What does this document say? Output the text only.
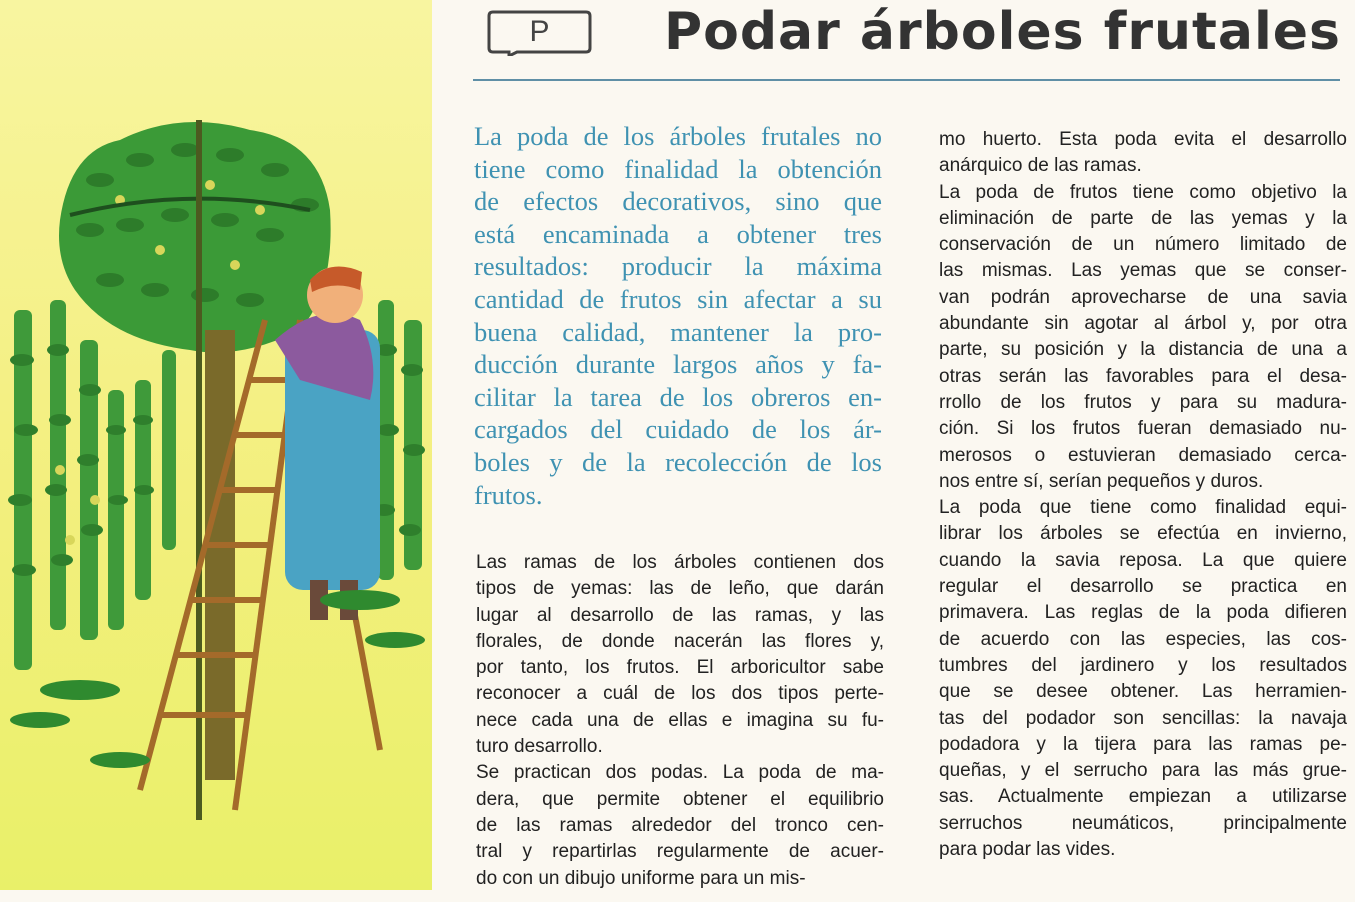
P	Podar árboles frutales
La poda de los árboles frutales no
tiene como finalidad la obtención
de efectos decorativos, sino que
está encaminada a obtener tres
resultados: producir la máxima
cantidad de frutos sin afectar a su
buena calidad, mantener la pro-
ducción durante largos años y fa-
cilitar la tarea de los obreros en-
cargados del cuidado de los ár-
boles y de la recolección de los
frutos.
Las ramas de los árboles contienen dos
tipos de yemas: las de leño, que darán
lugar al desarrollo de las ramas, y las
florales, de donde nacerán las flores y,
por tanto, los frutos. El arboricultor sabe
reconocer a cuál de los dos tipos perte-
nece cada una de ellas e imagina su fu-
turo desarrollo.
Se practican dos podas. La poda de ma-
dera, que permite obtener el equilibrio
de las ramas alrededor del tronco cen-
tral y repartirlas regularmente de acuer-
do con un dibujo uniforme para un mis-
mo huerto. Esta poda evita el desarrollo
anárquico de las ramas.
La poda de frutos tiene como objetivo la
eliminación de parte de las yemas y la
conservación de un número limitado de
las mismas. Las yemas que se conser-
van podrán aprovecharse de una savia
abundante sin agotar al árbol y, por otra
parte, su posición y la distancia de una a
otras serán las favorables para el desa-
rrollo de los frutos y para su madura-
ción. Si los frutos fueran demasiado nu-
merosos o estuvieran demasiado cerca-
nos entre sí, serían pequeños y duros.
La poda que tiene como finalidad equi-
librar los árboles se efectúa en invierno,
cuando la savia reposa. La que quiere
regular el desarrollo se practica en
primavera. Las reglas de la poda difieren
de acuerdo con las especies, las cos-
tumbres del jardinero y los resultados
que se desee obtener. Las herramien-
tas del podador son sencillas: la navaja
podadora y la tijera para las ramas pe-
queñas, y el serrucho para las más grue-
sas. Actualmente empiezan a utilizarse
serruchos neumáticos, principalmente
para podar las vides.
